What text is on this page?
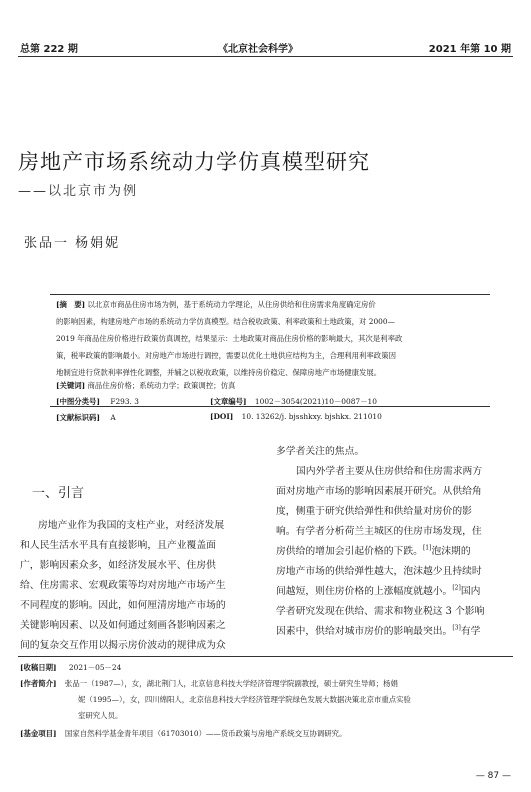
总第 222 期	《北京社会科学》	2021 年第 10 期
房地产市场系统动力学仿真模型研究
——以北京市为例
张品一 杨娟妮
[摘　要] 以北京市商品住房市场为例，基于系统动力学理论，从住房供给和住房需求角度确定房价
的影响因素，构建房地产市场的系统动力学仿真模型。结合税收政策、利率政策和土地政策，对 2000—
2019 年商品住房价格进行政策仿真调控，结果显示：土地政策对商品住房价格的影响最大，其次是利率政
策，税率政策的影响最小。对房地产市场进行调控，需要以优化土地供应结构为主，合理利用利率政策因
地制宜进行贷款利率弹性化调整，并辅之以税收政策，以维持房价稳定、保障房地产市场健康发展。
[关键词] 商品住房价格；系统动力学；政策调控；仿真
[中图分类号] F293. 3	[文章编号] 1002－3054(2021)10－0087－10
[文献标识码] A	[DOI] 10. 13262/j. bjsshkxy. bjshkx. 211010
一、引言
房地产业作为我国的支柱产业，对经济发展
和人民生活水平具有直接影响，且产业覆盖面
广，影响因素众多，如经济发展水平、住房供
给、住房需求、宏观政策等均对房地产市场产生
不同程度的影响。因此，如何厘清房地产市场的
关键影响因素、以及如何通过刻画各影响因素之
间的复杂交互作用以揭示房价波动的规律成为众
多学者关注的焦点。
国内外学者主要从住房供给和住房需求两方
面对房地产市场的影响因素展开研究。从供给角
度，侧重于研究供给弹性和供给量对房价的影
响。有学者分析荷兰主城区的住房市场发现，住
房供给的增加会引起价格的下跌。[1]泡沫期的
房地产市场的供给弹性越大，泡沫越少且持续时
间越短，则住房价格的上涨幅度就越小。[2]国内
学者研究发现在供给、需求和物业税这 3 个影响
因素中，供给对城市房价的影响最突出。[3]有学
[收稿日期] 2021－05－24
[作者简介] 张品一（1987—），女，湖北荆门人，北京信息科技大学经济管理学院副教授，硕士研究生导师；杨娟
妮（1995—），女，四川绵阳人，北京信息科技大学经济管理学院绿色发展大数据决策北京市重点实验
室研究人员。
[基金项目] 国家自然科学基金青年项目（61703010）——货币政策与房地产系统交互协调研究。
— 87 —
